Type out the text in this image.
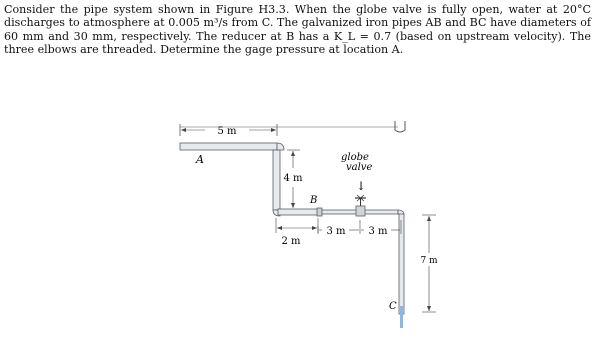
Consider the pipe system shown in Figure H3.3. When the globe valve is fully open, water at 20°C discharges to atmosphere at 0.005 m³/s from C. The galvanized iron pipes AB and BC have diameters of 60 mm and 30 mm, respectively. The reducer at B has a K_L = 0.7 (based on upstream velocity). The three elbows are threaded. Determine the gage pressure at location A.

5 m
4 m
2 m
3 m 3 m
7 m
A
B
C
globe
valve
↓
